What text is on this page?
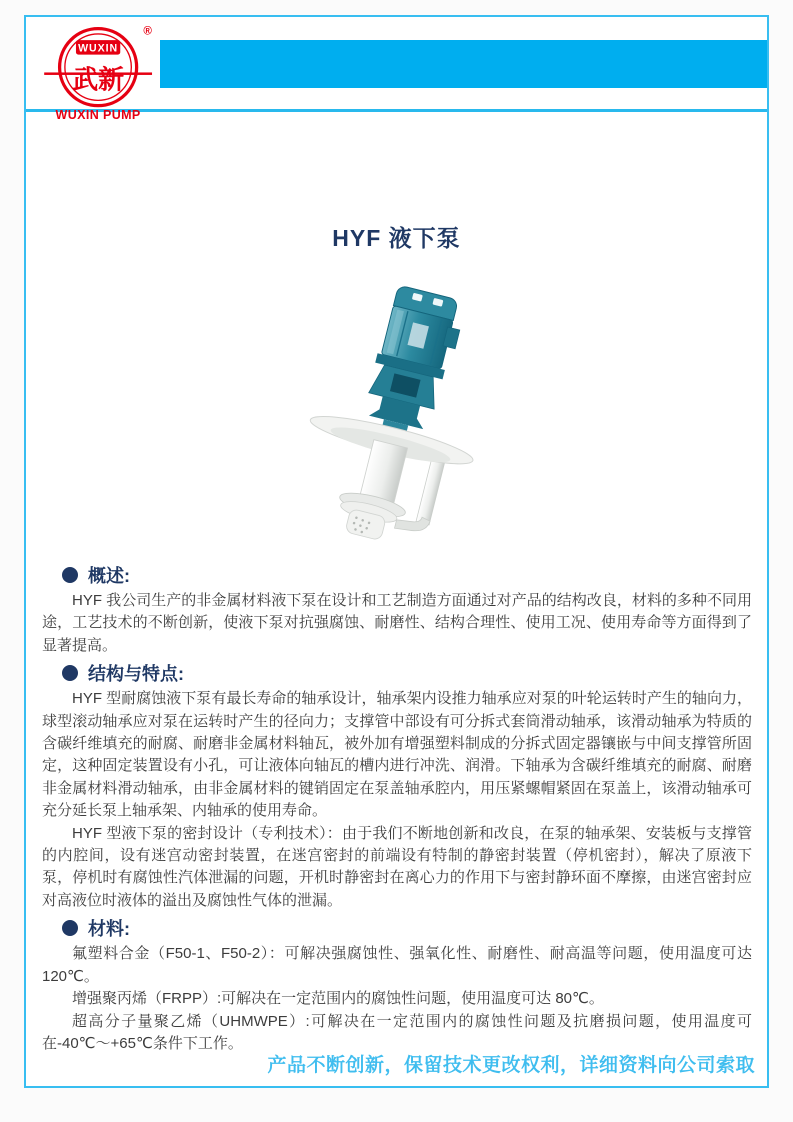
®
WUXIN
武新
WUXIN PUMP
HYF 液下泵
概述:

HYF 我公司生产的非金属材料液下泵在设计和工艺制造方面通过对产品的结构改良，材料的多种不同用途，工艺技术的不断创新，使液下泵对抗强腐蚀、耐磨性、结构合理性、使用工况、使用寿命等方面得到了显著提高。

结构与特点:

HYF 型耐腐蚀液下泵有最长寿命的轴承设计，轴承架内设推力轴承应对泵的叶轮运转时产生的轴向力，球型滚动轴承应对泵在运转时产生的径向力；支撑管中部设有可分拆式套筒滑动轴承，该滑动轴承为特质的含碳纤维填充的耐腐、耐磨非金属材料轴瓦，被外加有增强塑料制成的分拆式固定器镶嵌与中间支撑管所固定，这种固定装置设有小孔，可让液体向轴瓦的槽内进行冲洗、润滑。下轴承为含碳纤维填充的耐腐、耐磨非金属材料滑动轴承，由非金属材料的键销固定在泵盖轴承腔内，用压紧螺帽紧固在泵盖上，该滑动轴承可充分延长泵上轴承架、内轴承的使用寿命。

HYF 型液下泵的密封设计（专利技术）：由于我们不断地创新和改良，在泵的轴承架、安装板与支撑管的内腔间，设有迷宫动密封装置，在迷宫密封的前端设有特制的静密封装置（停机密封），解决了原液下泵，停机时有腐蚀性汽体泄漏的问题，开机时静密封在离心力的作用下与密封静环面不摩擦，由迷宫密封应对高液位时液体的溢出及腐蚀性气体的泄漏。

材料:

氟塑料合金（F50-1、F50-2）：可解决强腐蚀性、强氧化性、耐磨性、耐高温等问题，使用温度可达 120℃。

增强聚丙烯（FRPP）:可解决在一定范围内的腐蚀性问题，使用温度可达 80℃。

超高分子量聚乙烯（UHMWPE）:可解决在一定范围内的腐蚀性问题及抗磨损问题，使用温度可在-40℃～+65℃条件下工作。

产品不断创新，保留技术更改权利，详细资料向公司索取
